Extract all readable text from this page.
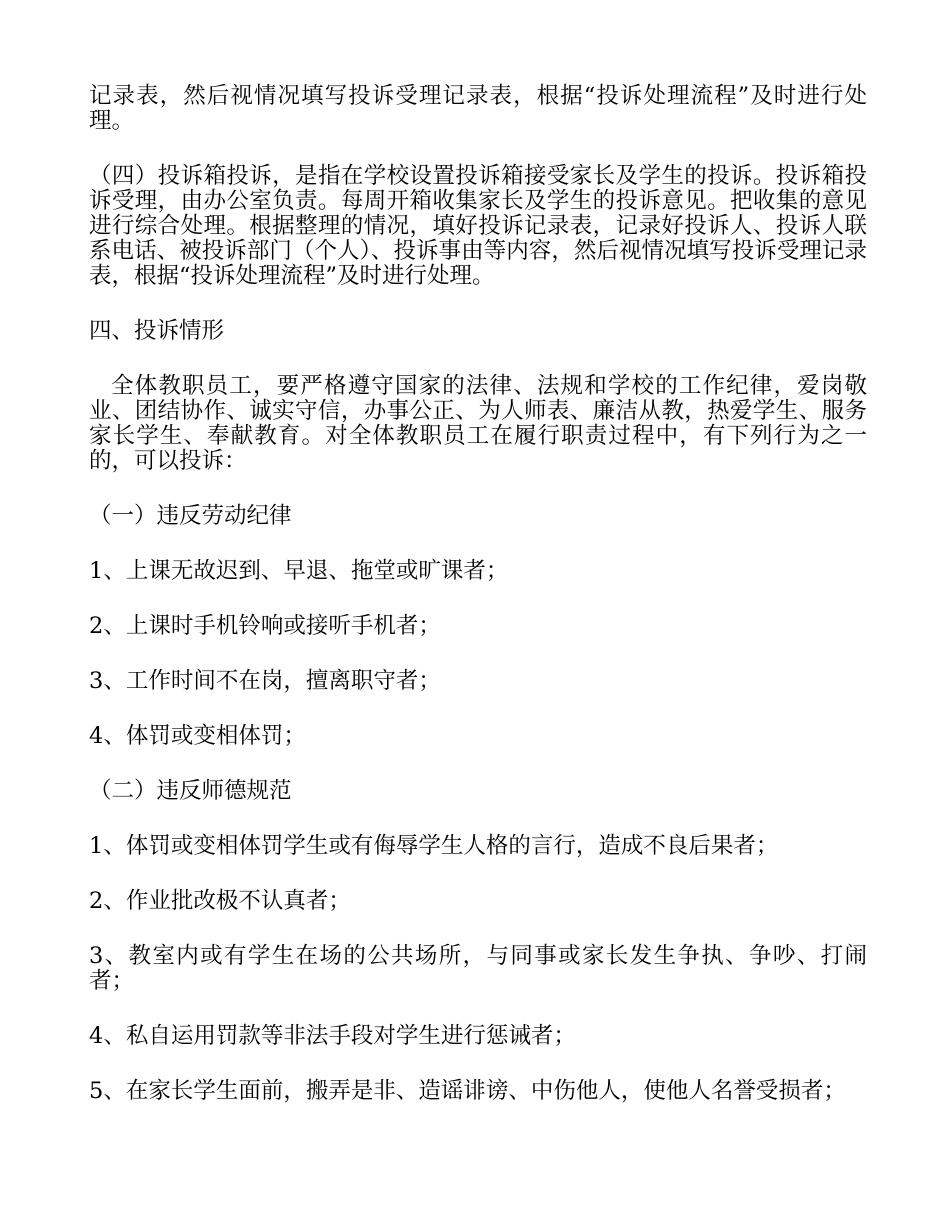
记录表，然后视情况填写投诉受理记录表，根据“投诉处理流程”及时进行处理。

（四）投诉箱投诉，是指在学校设置投诉箱接受家长及学生的投诉。投诉箱投诉受理，由办公室负责。每周开箱收集家长及学生的投诉意见。把收集的意见进行综合处理。根据整理的情况，填好投诉记录表，记录好投诉人、投诉人联系电话、被投诉部门（个人）、投诉事由等内容，然后视情况填写投诉受理记录表，根据“投诉处理流程”及时进行处理。

四、投诉情形

全体教职员工，要严格遵守国家的法律、法规和学校的工作纪律，爱岗敬业、团结协作、诚实守信，办事公正、为人师表、廉洁从教，热爱学生、服务家长学生、奉献教育。对全体教职员工在履行职责过程中，有下列行为之一的，可以投诉：

（一）违反劳动纪律

1、上课无故迟到、早退、拖堂或旷课者；

2、上课时手机铃响或接听手机者；

3、工作时间不在岗，擅离职守者；

4、体罚或变相体罚；

（二）违反师德规范

1、体罚或变相体罚学生或有侮辱学生人格的言行，造成不良后果者；

2、作业批改极不认真者；

3、教室内或有学生在场的公共场所，与同事或家长发生争执、争吵、打闹者；

4、私自运用罚款等非法手段对学生进行惩诫者；

5、在家长学生面前，搬弄是非、造谣诽谤、中伤他人，使他人名誉受损者；
